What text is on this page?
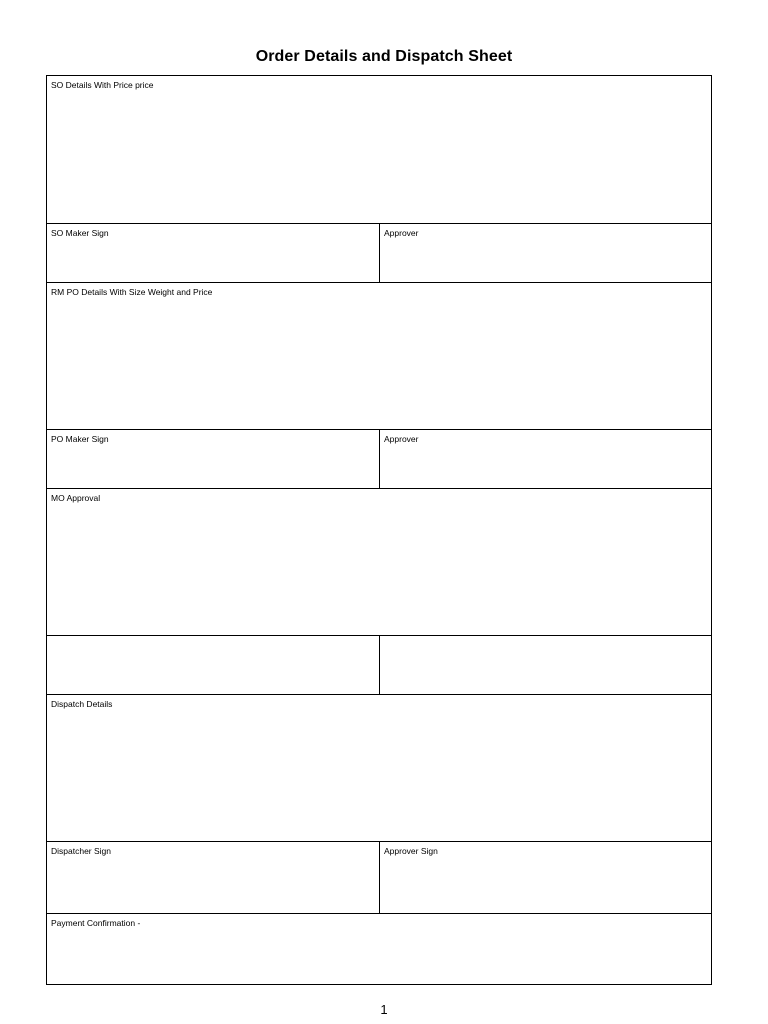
Order Details and Dispatch Sheet
SO Details With Price price
SO Maker Sign	Approver
RM PO Details With Size Weight and Price
PO Maker Sign	Approver
MO Approval
Dispatch Details
Dispatcher Sign	Approver Sign
Payment Confirmation -
1
